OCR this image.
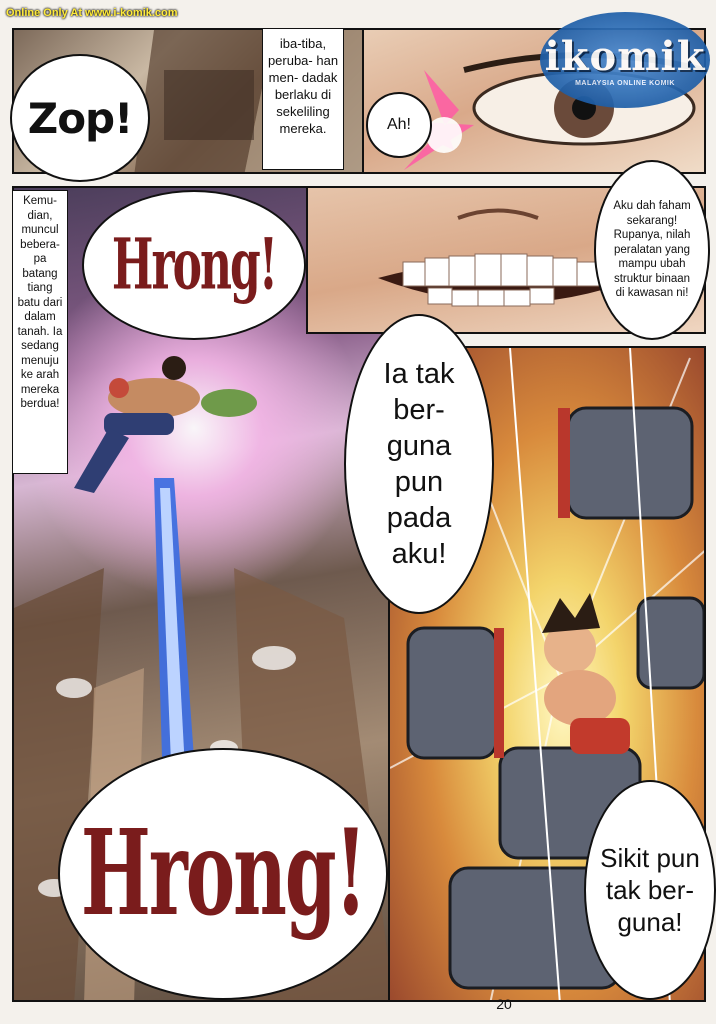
Online Only At www.i-komik.com
Zop!
iba-tiba, peruba- han men- dadak berlaku di sekeliling mereka.	Ah!
ikomik
MALAYSIA ONLINE KOMIK
Kemu- dian, muncul bebera- pa batang tiang batu dari dalam tanah. Ia sedang menuju ke arah mereka berdua!
Hrong!
Hrong!
Aku dah faham sekarang! Rupanya, nilah peralatan yang mampu ubah struktur binaan di kawasan ni!
Ia tak ber- guna pun pada aku!
Sikit pun tak ber- guna!
20
